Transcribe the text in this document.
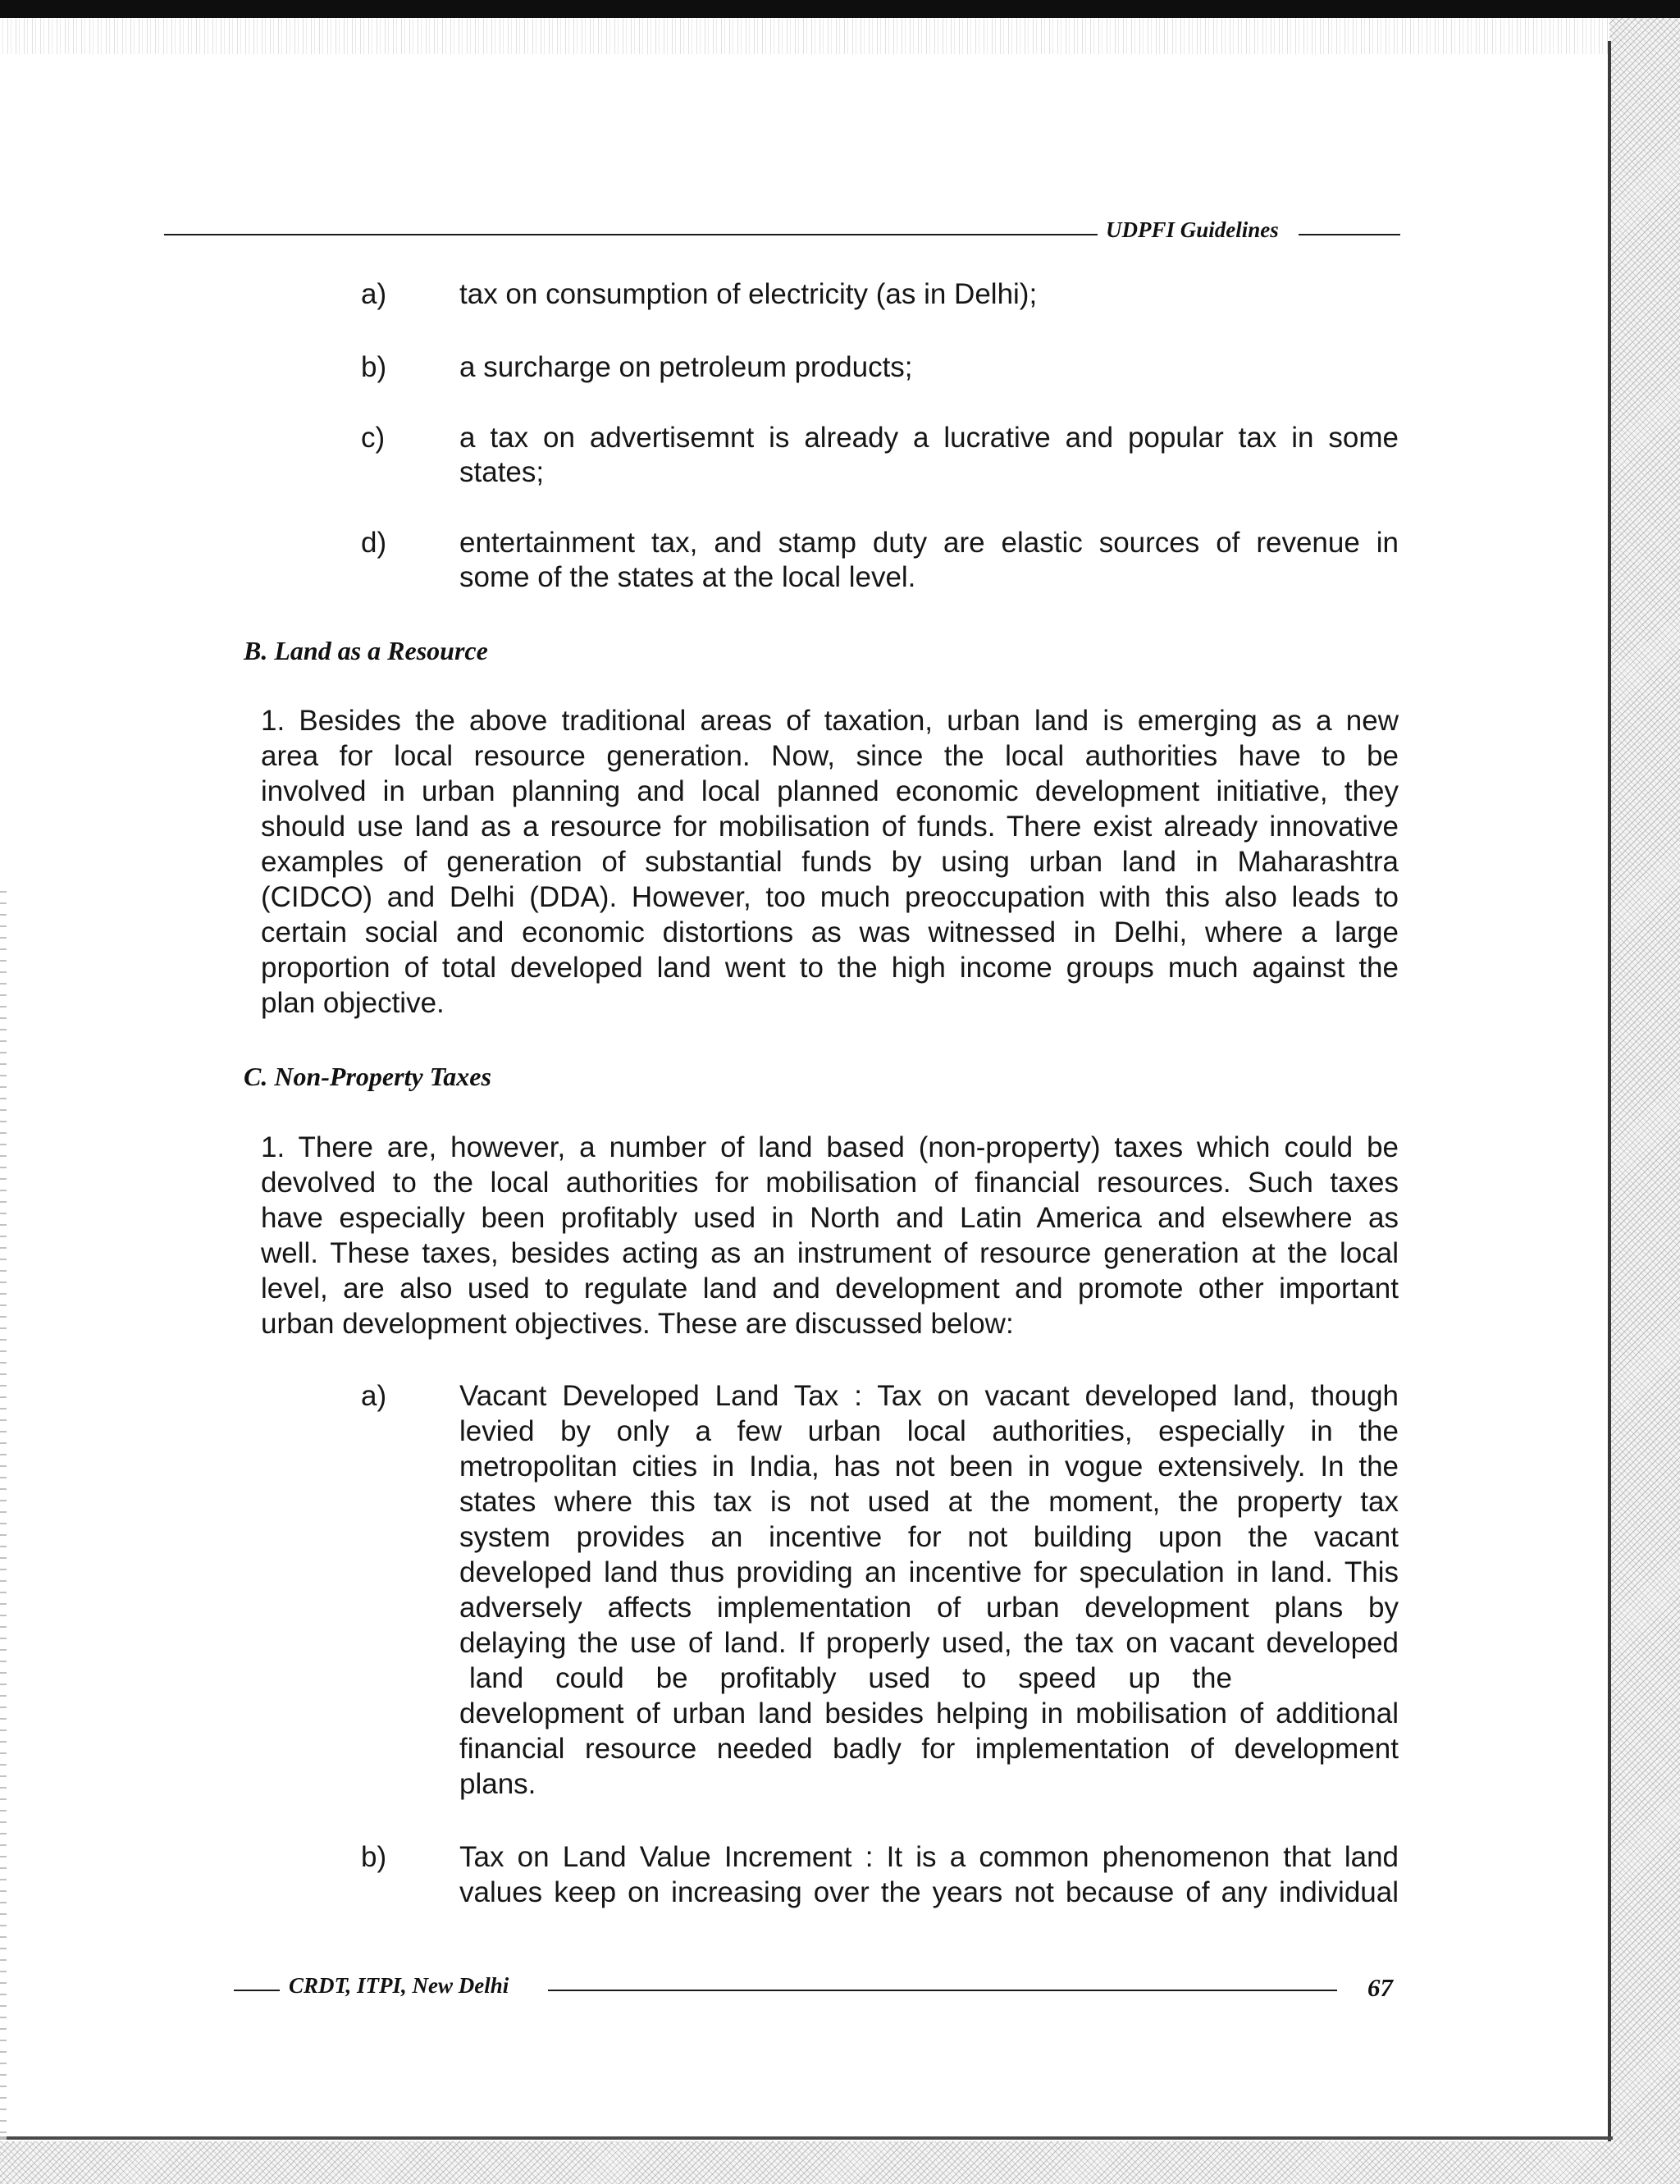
UDPFI Guidelines
a)	tax on consumption of electricity (as in Delhi);
b)	a surcharge on petroleum products;
c)	a tax on advertisemnt is already a lucrative and popular tax in some
states;
d)	entertainment tax, and stamp duty are elastic sources of revenue in
some of the states at the local level.
B. Land as a Resource
1. Besides the above traditional areas of taxation, urban land is emerging as a new
area for local resource generation. Now, since the local authorities have to be
involved in urban planning and local planned economic development initiative, they
should use land as a resource for mobilisation of funds. There exist already innovative
examples of generation of substantial funds by using urban land in Maharashtra
(CIDCO) and Delhi (DDA). However, too much preoccupation with this also leads to
certain social and economic distortions as was witnessed in Delhi, where a large
proportion of total developed land went to the high income groups much against the
plan objective.
C. Non-Property Taxes
1. There are, however, a number of land based (non-property) taxes which could be
devolved to the local authorities for mobilisation of financial resources. Such taxes
have especially been profitably used in North and Latin America and elsewhere as
well. These taxes, besides acting as an instrument of resource generation at the local
level, are also used to regulate land and development and promote other important
urban development objectives. These are discussed below:
a)	Vacant Developed Land Tax : Tax on vacant developed land, though
levied by only a few urban local authorities, especially in the
metropolitan cities in India, has not been in vogue extensively. In the
states where this tax is not used at the moment, the property tax
system provides an incentive for not building upon the vacant
developed land thus providing an incentive for speculation in land. This
adversely affects implementation of urban development plans by
delaying the use of land. If properly used, the tax on vacant developed
land could be profitably used to speed up the
development of urban land besides helping in mobilisation of additional
financial resource needed badly for implementation of development
plans.
b)	Tax on Land Value Increment : It is a common phenomenon that land
values keep on increasing over the years not because of any individual
CRDT, ITPI, New Delhi	67
